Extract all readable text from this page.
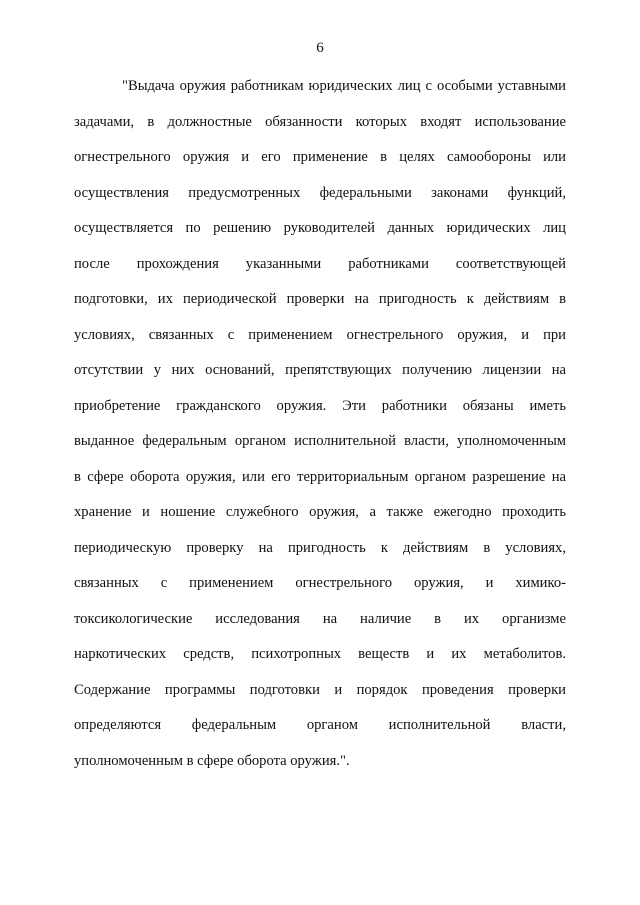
6
"Выдача оружия работникам юридических лиц с особыми уставными
задачами, в должностные обязанности которых входят использование
огнестрельного оружия и его применение в целях самообороны или
осуществления предусмотренных федеральными законами функций,
осуществляется по решению руководителей данных юридических лиц
после прохождения указанными работниками соответствующей
подготовки, их периодической проверки на пригодность к действиям в
условиях, связанных с применением огнестрельного оружия, и при
отсутствии у них оснований, препятствующих получению лицензии на
приобретение гражданского оружия. Эти работники обязаны иметь
выданное федеральным органом исполнительной власти, уполномоченным
в сфере оборота оружия, или его территориальным органом разрешение на
хранение и ношение служебного оружия, а также ежегодно проходить
периодическую проверку на пригодность к действиям в условиях,
связанных с применением огнестрельного оружия, и химико-
токсикологические исследования на наличие в их организме
наркотических средств, психотропных веществ и их метаболитов.
Содержание программы подготовки и порядок проведения проверки
определяются федеральным органом исполнительной власти,
уполномоченным в сфере оборота оружия.".
